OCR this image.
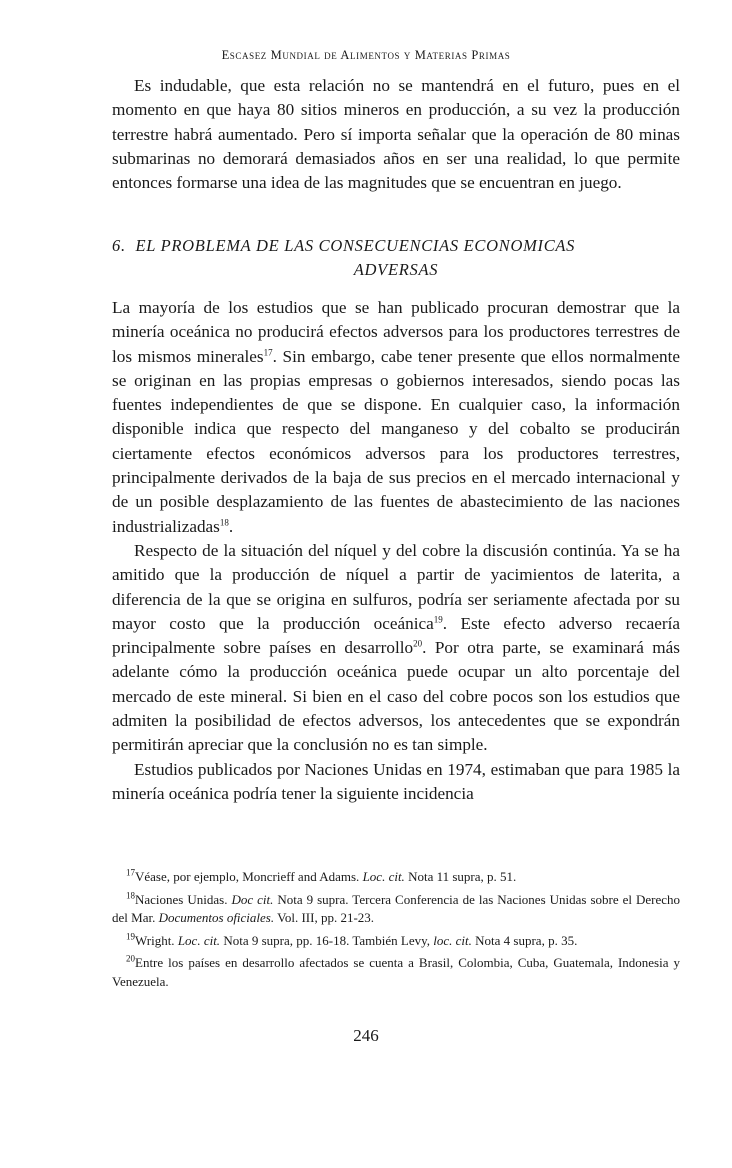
Escasez Mundial de Alimentos y Materias Primas

Es indudable, que esta relación no se mantendrá en el futuro, pues en el momento en que haya 80 sitios mineros en producción, a su vez la producción terrestre habrá aumentado. Pero sí importa señalar que la operación de 80 minas submarinas no demorará demasiados años en ser una realidad, lo que permite entonces formarse una idea de las magnitudes que se encuentran en juego.

6. EL PROBLEMA DE LAS CONSECUENCIAS ECONOMICAS
ADVERSAS

La mayoría de los estudios que se han publicado procuran demostrar que la minería oceánica no producirá efectos adversos para los productores terrestres de los mismos minerales$^{17}$. Sin embargo, cabe tener presente que ellos normalmente se originan en las propias empresas o gobiernos interesados, siendo pocas las fuentes independientes de que se dispone. En cualquier caso, la información disponible indica que respecto del manganeso y del cobalto se producirán ciertamente efectos económicos adversos para los productores terrestres, principalmente derivados de la baja de sus precios en el mercado internacional y de un posible desplazamiento de las fuentes de abastecimiento de las naciones industrializadas$^{18}$.

Respecto de la situación del níquel y del cobre la discusión continúa. Ya se ha amitido que la producción de níquel a partir de yacimientos de laterita, a diferencia de la que se origina en sulfuros, podría ser seriamente afectada por su mayor costo que la producción oceánica$^{19}$. Este efecto adverso recaería principalmente sobre países en desarrollo$^{20}$. Por otra parte, se examinará más adelante cómo la producción oceánica puede ocupar un alto porcentaje del mercado de este mineral. Si bien en el caso del cobre pocos son los estudios que admiten la posibilidad de efectos adversos, los antecedentes que se expondrán permitirán apreciar que la conclusión no es tan simple.

Estudios publicados por Naciones Unidas en 1974, estimaban que para 1985 la minería oceánica podría tener la siguiente incidencia

$^{17}$Véase, por ejemplo, Moncrieff and Adams. Loc. cit. Nota 11 supra, p. 51.

$^{18}$Naciones Unidas. Doc cit. Nota 9 supra. Tercera Conferencia de las Naciones Unidas sobre el Derecho del Mar. Documentos oficiales. Vol. III, pp. 21-23.

$^{19}$Wright. Loc. cit. Nota 9 supra, pp. 16-18. También Levy, loc. cit. Nota 4 supra, p. 35.

$^{20}$Entre los países en desarrollo afectados se cuenta a Brasil, Colombia, Cuba, Guatemala, Indonesia y Venezuela.

246
